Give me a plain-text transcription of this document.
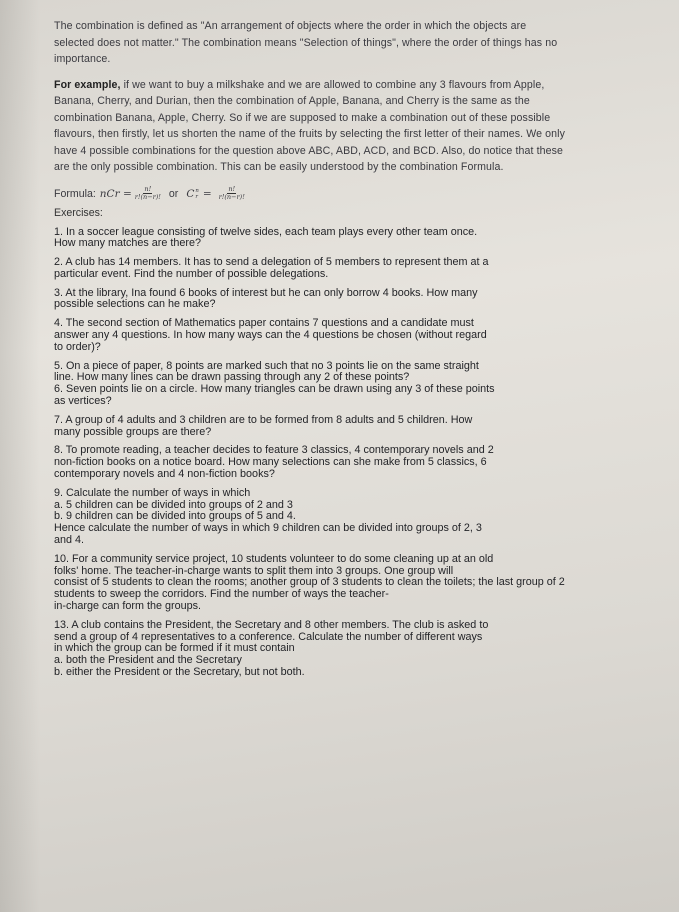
The combination is defined as "An arrangement of objects where the order in which the objects are
selected does not matter." The combination means "Selection of things", where the order of things has no
importance.

For example, if we want to buy a milkshake and we are allowed to combine any 3 flavours from Apple,
Banana, Cherry, and Durian, then the combination of Apple, Banana, and Cherry is the same as the
combination Banana, Apple, Cherry. So if we are supposed to make a combination out of these possible
flavours, then firstly, let us shorten the name of the fruits by selecting the first letter of their names. We only
have 4 possible combinations for the question above ABC, ABD, ACD, and BCD. Also, do notice that these
are the only possible combination. This can be easily understood by the combination Formula.

Formula: nCr = $\frac{n!}{r!(n-r)!}$ or C n
$r = \frac{n!}{r!(n-r)!}$
Exercises:

1. In a soccer league consisting of twelve sides, each team plays every other team once.
How many matches are there?

2. A club has 14 members. It has to send a delegation of 5 members to represent them at a
particular event. Find the number of possible delegations.

3. At the library, Ina found 6 books of interest but he can only borrow 4 books. How many
possible selections can he make?

4. The second section of Mathematics paper contains 7 questions and a candidate must
answer any 4 questions. In how many ways can the 4 questions be chosen (without regard
to order)?

5. On a piece of paper, 8 points are marked such that no 3 points lie on the same straight
line. How many lines can be drawn passing through any 2 of these points?
6. Seven points lie on a circle. How many triangles can be drawn using any 3 of these points
as vertices?

7. A group of 4 adults and 3 children are to be formed from 8 adults and 5 children. How
many possible groups are there?

8. To promote reading, a teacher decides to feature 3 classics, 4 contemporary novels and 2
non-fiction books on a notice board. How many selections can she make from 5 classics, 6
contemporary novels and 4 non-fiction books?

9. Calculate the number of ways in which
a. 5 children can be divided into groups of 2 and 3
b. 9 children can be divided into groups of 5 and 4.
Hence calculate the number of ways in which 9 children can be divided into groups of 2, 3
and 4.

10. For a community service project, 10 students volunteer to do some cleaning up at an old
folks' home. The teacher-in-charge wants to split them into 3 groups. One group will
consist of 5 students to clean the rooms; another group of 3 students to clean the toilets; the last group of 2
students to sweep the corridors. Find the number of ways the teacher-
in-charge can form the groups.

13. A club contains the President, the Secretary and 8 other members. The club is asked to
send a group of 4 representatives to a conference. Calculate the number of different ways
in which the group can be formed if it must contain
a. both the President and the Secretary
b. either the President or the Secretary, but not both.
